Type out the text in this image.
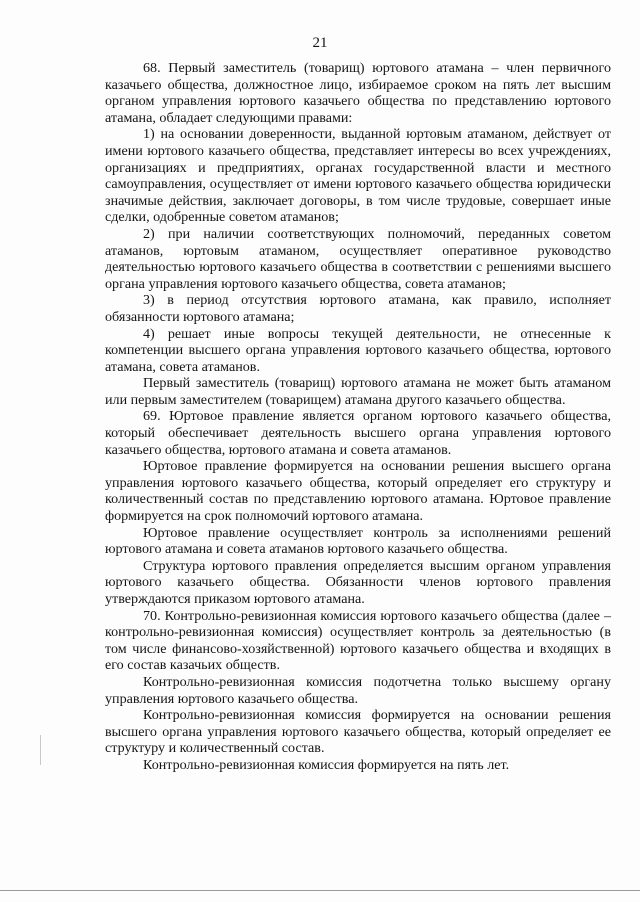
21

68. Первый заместитель (товарищ) юртового атамана – член первичного казачьего общества, должностное лицо, избираемое сроком на пять лет высшим органом управления юртового казачьего общества по представлению юртового атамана, обладает следующими правами:

1) на основании доверенности, выданной юртовым атаманом, действует от имени юртового казачьего общества, представляет интересы во всех учреждениях, организациях и предприятиях, органах государственной власти и местного самоуправления, осуществляет от имени юртового казачьего общества юридически значимые действия, заключает договоры, в том числе трудовые, совершает иные сделки, одобренные советом атаманов;

2) при наличии соответствующих полномочий, переданных советом атаманов, юртовым атаманом, осуществляет оперативное руководство деятельностью юртового казачьего общества в соответствии с решениями высшего органа управления юртового казачьего общества, совета атаманов;

3) в период отсутствия юртового атамана, как правило, исполняет обязанности юртового атамана;

4) решает иные вопросы текущей деятельности, не отнесенные к компетенции высшего органа управления юртового казачьего общества, юртового атамана, совета атаманов.

Первый заместитель (товарищ) юртового атамана не может быть атаманом или первым заместителем (товарищем) атамана другого казачьего общества.

69. Юртовое правление является органом юртового казачьего общества, который обеспечивает деятельность высшего органа управления юртового казачьего общества, юртового атамана и совета атаманов.

Юртовое правление формируется на основании решения высшего органа управления юртового казачьего общества, который определяет его структуру и количественный состав по представлению юртового атамана. Юртовое правление формируется на срок полномочий юртового атамана.

Юртовое правление осуществляет контроль за исполнениями решений юртового атамана и совета атаманов юртового казачьего общества.

Структура юртового правления определяется высшим органом управления юртового казачьего общества. Обязанности членов юртового правления утверждаются приказом юртового атамана.

70. Контрольно-ревизионная комиссия юртового казачьего общества (далее – контрольно-ревизионная комиссия) осуществляет контроль за деятельностью (в том числе финансово-хозяйственной) юртового казачьего общества и входящих в его состав казачьих обществ.

Контрольно-ревизионная комиссия подотчетна только высшему органу управления юртового казачьего общества.

Контрольно-ревизионная комиссия формируется на основании решения высшего органа управления юртового казачьего общества, который определяет ее структуру и количественный состав.

Контрольно-ревизионная комиссия формируется на пять лет.
